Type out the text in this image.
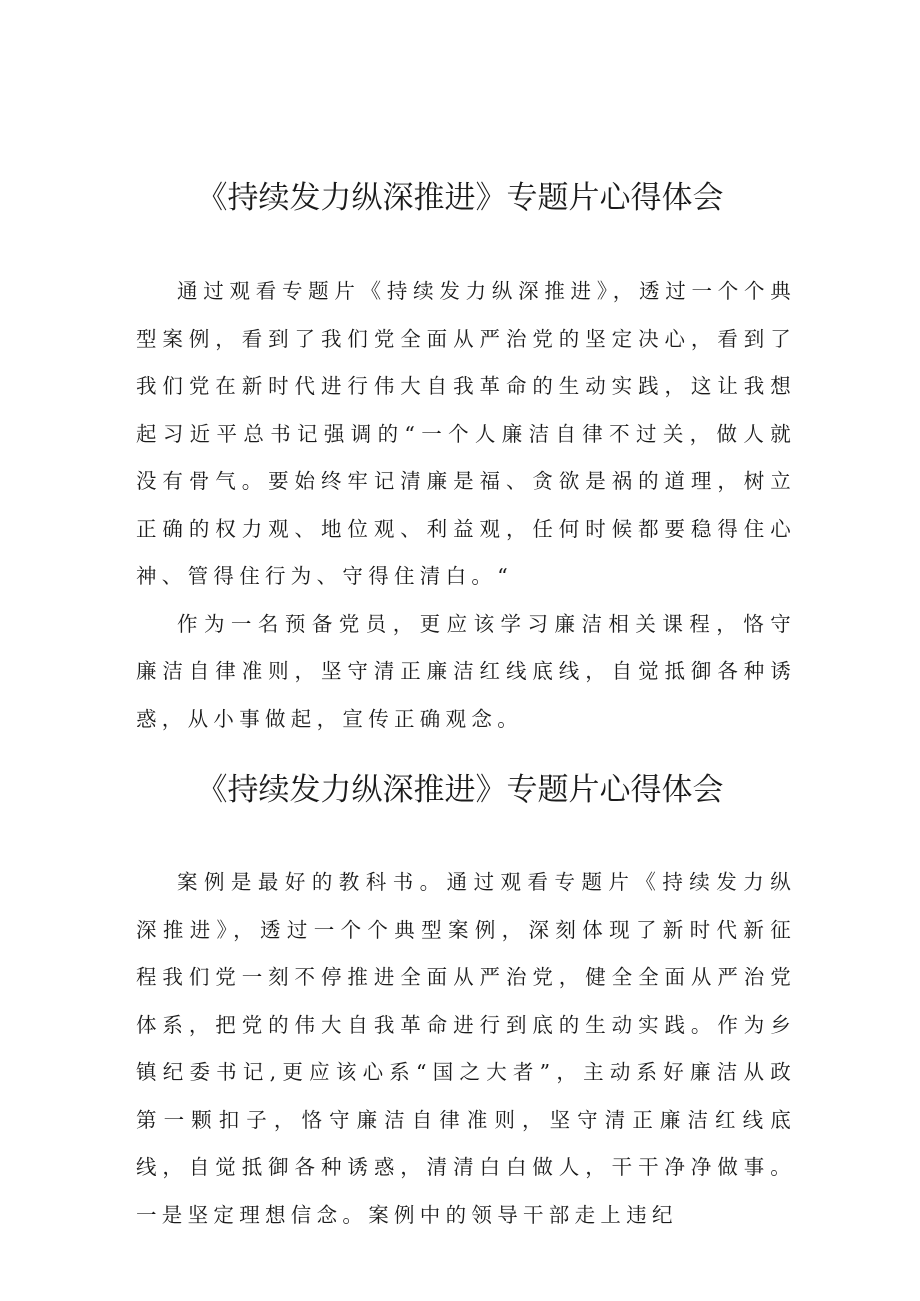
《持续发力纵深推进》专题片心得体会

通过观看专题片《持续发力纵深推进》，透过一个个典型案例，看到了我们党全面从严治党的坚定决心，看到了我们党在新时代进行伟大自我革命的生动实践，这让我想起习近平总书记强调的“一个人廉洁自律不过关，做人就没有骨气。要始终牢记清廉是福、贪欲是祸的道理，树立正确的权力观、地位观、利益观，任何时候都要稳得住心神、管得住行为、守得住清白。“

作为一名预备党员，更应该学习廉洁相关课程，恪守廉洁自律准则，坚守清正廉洁红线底线，自觉抵御各种诱惑，从小事做起，宣传正确观念。

《持续发力纵深推进》专题片心得体会

案例是最好的教科书。通过观看专题片《持续发力纵深推进》，透过一个个典型案例，深刻体现了新时代新征程我们党一刻不停推进全面从严治党，健全全面从严治党体系，把党的伟大自我革命进行到底的生动实践。作为乡镇纪委书记,更应该心系“国之大者”，主动系好廉洁从政第一颗扣子，恪守廉洁自律准则，坚守清正廉洁红线底线，自觉抵御各种诱惑，清清白白做人，干干净净做事。一是坚定理想信念。案例中的领导干部走上违纪
